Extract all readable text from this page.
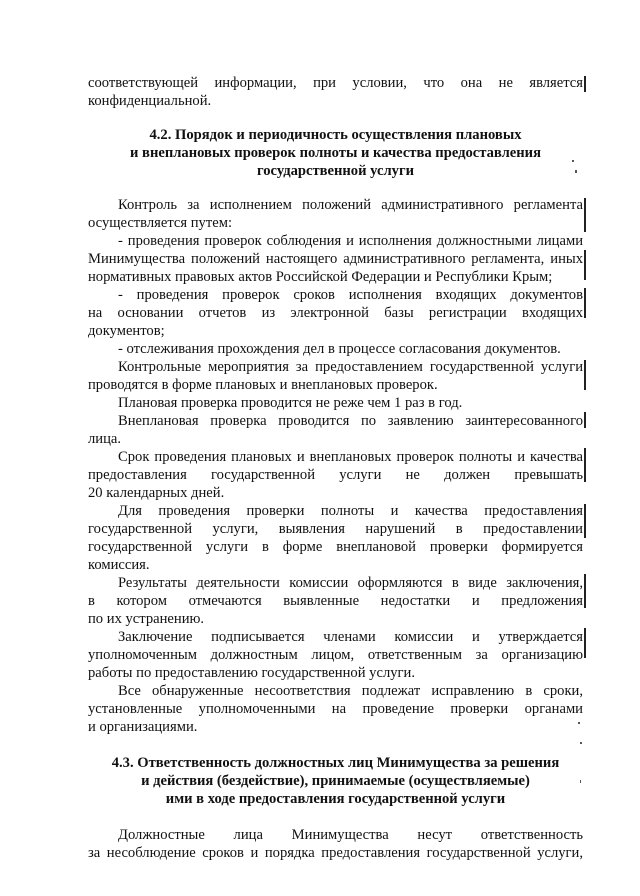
соответствующей информации, при условии, что она не является
конфиденциальной.
4.2. Порядок и периодичность осуществления плановых
и внеплановых проверок полноты и качества предоставления
государственной услуги
Контроль за исполнением положений административного регламента
осуществляется путем:
- проведения проверок соблюдения и исполнения должностными лицами
Минимущества положений настоящего административного регламента, иных
нормативных правовых актов Российской Федерации и Республики Крым;
- проведения проверок сроков исполнения входящих документов
на основании отчетов из электронной базы регистрации входящих
документов;
- отслеживания прохождения дел в процессе согласования документов.
Контрольные мероприятия за предоставлением государственной услуги
проводятся в форме плановых и внеплановых проверок.
Плановая проверка проводится не реже чем 1 раз в год.
Внеплановая проверка проводится по заявлению заинтересованного
лица.
Срок проведения плановых и внеплановых проверок полноты и качества
предоставления государственной услуги не должен превышать
20 календарных дней.
Для проведения проверки полноты и качества предоставления
государственной услуги, выявления нарушений в предоставлении
государственной услуги в форме внеплановой проверки формируется
комиссия.
Результаты деятельности комиссии оформляются в виде заключения,
в котором отмечаются выявленные недостатки и предложения
по их устранению.
Заключение подписывается членами комиссии и утверждается
уполномоченным должностным лицом, ответственным за организацию
работы по предоставлению государственной услуги.
Все обнаруженные несоответствия подлежат исправлению в сроки,
установленные уполномоченными на проведение проверки органами
и организациями.
4.3. Ответственность должностных лиц Минимущества за решения
и действия (бездействие), принимаемые (осуществляемые)
ими в ходе предоставления государственной услуги
Должностные лица Минимущества несут ответственность
за несоблюдение сроков и порядка предоставления государственной услуги,
